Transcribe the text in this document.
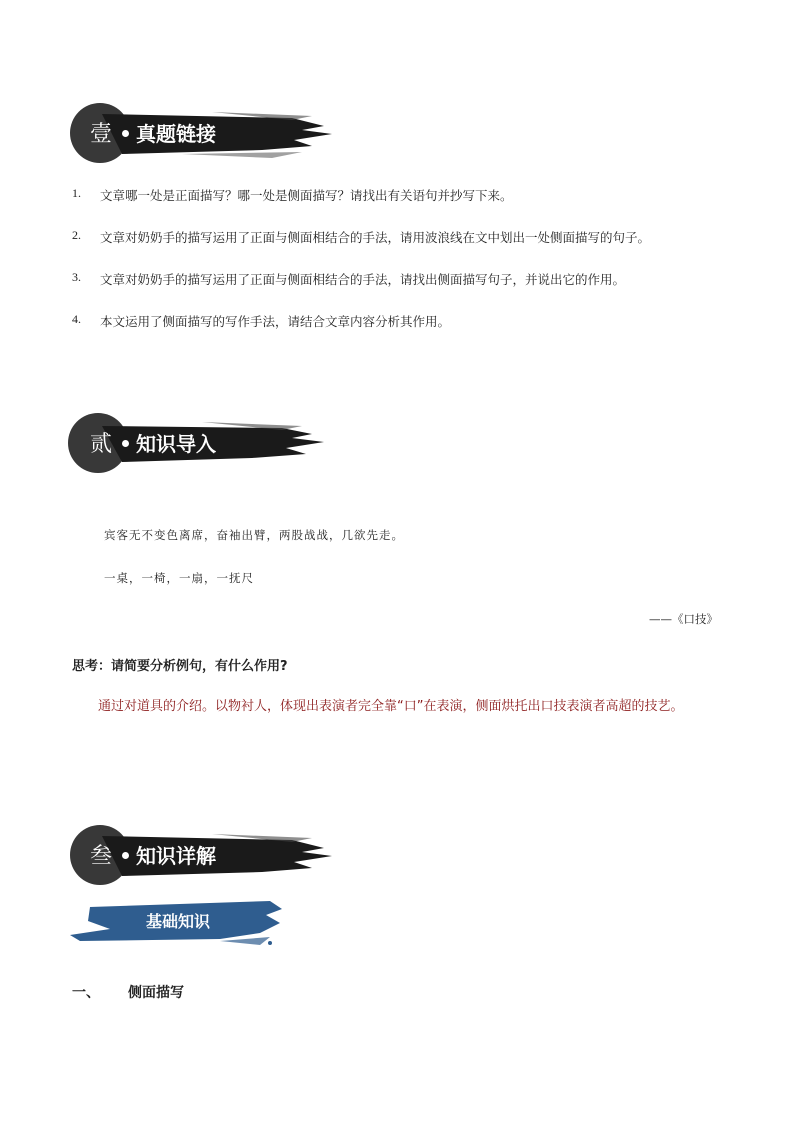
壹 真题链接
1.	文章哪一处是正面描写？哪一处是侧面描写？请找出有关语句并抄写下来。
2.	文章对奶奶手的描写运用了正面与侧面相结合的手法，请用波浪线在文中划出一处侧面描写的句子。
3.	文章对奶奶手的描写运用了正面与侧面相结合的手法，请找出侧面描写句子，并说出它的作用。
4.	本文运用了侧面描写的写作手法，请结合文章内容分析其作用。
贰 知识导入
宾客无不变色离席，奋袖出臂，两股战战，几欲先走。
一桌，一椅，一扇，一抚尺
——《口技》
思考：请简要分析例句，有什么作用?
通过对道具的介绍。以物衬人，体现出表演者完全靠“口”在表演，侧面烘托出口技表演者高超的技艺。
叁 知识详解
基础知识
一、 侧面描写
